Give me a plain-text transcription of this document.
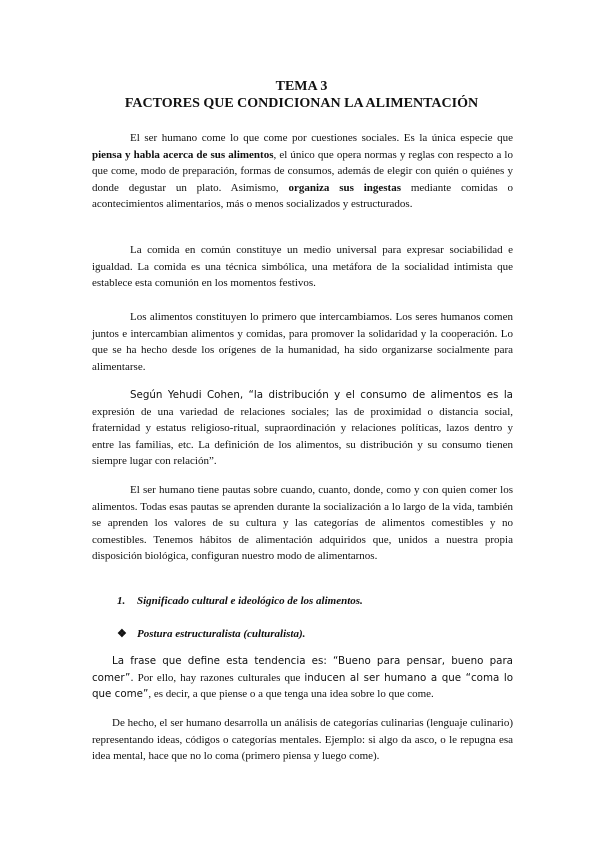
TEMA 3
FACTORES QUE CONDICIONAN LA ALIMENTACIÓN

El ser humano come lo que come por cuestiones sociales. Es la única especie que piensa y habla acerca de sus alimentos, el único que opera normas y reglas con respecto a lo que come, modo de preparación, formas de consumos, además de elegir con quién o quiénes y donde degustar un plato. Asimismo, organiza sus ingestas mediante comidas o acontecimientos alimentarios, más o menos socializados y estructurados.

La comida en común constituye un medio universal para expresar sociabilidad e igualdad. La comida es una técnica simbólica, una metáfora de la socialidad intimista que establece esta comunión en los momentos festivos.

Los alimentos constituyen lo primero que intercambiamos. Los seres humanos comen juntos e intercambian alimentos y comidas, para promover la solidaridad y la cooperación. Lo que se ha hecho desde los orígenes de la humanidad, ha sido organizarse socialmente para alimentarse.

Según Yehudi Cohen, “la distribución y el consumo de alimentos es la expresión de una variedad de relaciones sociales; las de proximidad o distancia social, fraternidad y estatus religioso-ritual, supraordinación y relaciones políticas, lazos dentro y entre las familias, etc. La definición de los alimentos, su distribución y su consumo tienen siempre lugar con relación”.

El ser humano tiene pautas sobre cuando, cuanto, donde, como y con quien comer los alimentos. Todas esas pautas se aprenden durante la socialización a lo largo de la vida, también se aprenden los valores de su cultura y las categorías de alimentos comestibles y no comestibles. Tenemos hábitos de alimentación adquiridos que, unidos a nuestra propia disposición biológica, configuran nuestro modo de alimentarnos.

1. Significado cultural e ideológico de los alimentos.
❖ Postura estructuralista (culturalista).

La frase que define esta tendencia es: “Bueno para pensar, bueno para comer”. Por ello, hay razones culturales que inducen al ser humano a que “coma lo que come”, es decir, a que piense o a que tenga una idea sobre lo que come.

De hecho, el ser humano desarrolla un análisis de categorías culinarias (lenguaje culinario) representando ideas, códigos o categorías mentales. Ejemplo: si algo da asco, o le repugna esa idea mental, hace que no lo coma (primero piensa y luego come).
